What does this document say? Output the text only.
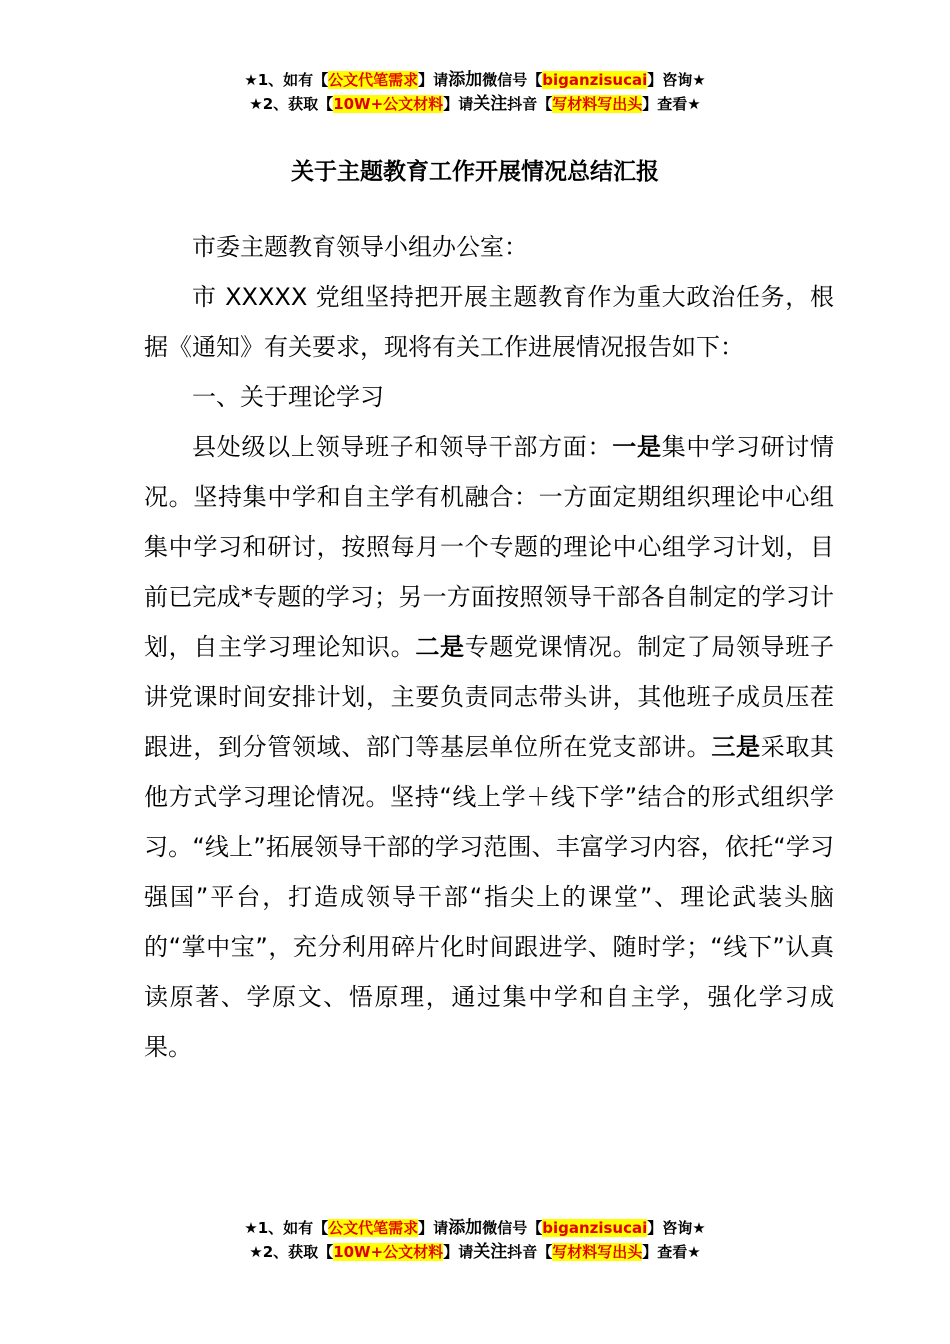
★1、如有【公文代笔需求】请添加微信号【biganzisucai】咨询★
★2、获取【10W+公文材料】请关注抖音【写材料写出头】查看★
关于主题教育工作开展情况总结汇报

市委主题教育领导小组办公室：

市 XXXXX 党组坚持把开展主题教育作为重大政治任务，根据《通知》有关要求，现将有关工作进展情况报告如下：

一、关于理论学习

县处级以上领导班子和领导干部方面：一是集中学习研讨情况。坚持集中学和自主学有机融合：一方面定期组织理论中心组集中学习和研讨，按照每月一个专题的理论中心组学习计划，目前已完成*专题的学习；另一方面按照领导干部各自制定的学习计划，自主学习理论知识。二是专题党课情况。制定了局领导班子讲党课时间安排计划，主要负责同志带头讲，其他班子成员压茬跟进，到分管领域、部门等基层单位所在党支部讲。三是采取其他方式学习理论情况。坚持“线上学＋线下学”结合的形式组织学习。“线上”拓展领导干部的学习范围、丰富学习内容，依托“学习强国”平台，打造成领导干部“指尖上的课堂”、理论武装头脑的“掌中宝”，充分利用碎片化时间跟进学、随时学；“线下”认真读原著、学原文、悟原理，通过集中学和自主学，强化学习成果。

★1、如有【公文代笔需求】请添加微信号【biganzisucai】咨询★
★2、获取【10W+公文材料】请关注抖音【写材料写出头】查看★
